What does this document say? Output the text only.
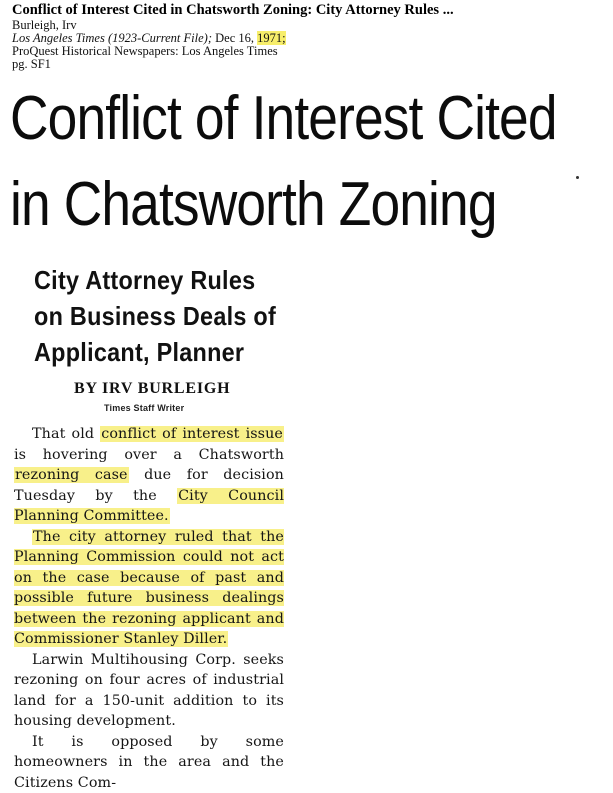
Conflict of Interest Cited in Chatsworth Zoning: City Attorney Rules ...
Burleigh, Irv
Los Angeles Times (1923-Current File); Dec 16, 1971;
ProQuest Historical Newspapers: Los Angeles Times
pg. SF1
Conflict of Interest Cited
in Chatsworth Zoning
City Attorney Rules
on Business Deals of
Applicant, Planner
BY IRV BURLEIGH
Times Staff Writer

That old conflict of interest issue is hovering over a Chatsworth rezoning case due for decision Tuesday by the City Council Planning Committee.

The city attorney ruled that the Planning Commission could not act on the case because of past and possible future business dealings between the rezoning applicant and Commissioner Stanley Diller.

Larwin Multihousing Corp. seeks rezoning on four acres of industrial land for a 150-unit addition to its housing development.

It is opposed by some homeowners in the area and the Citizens Com-
